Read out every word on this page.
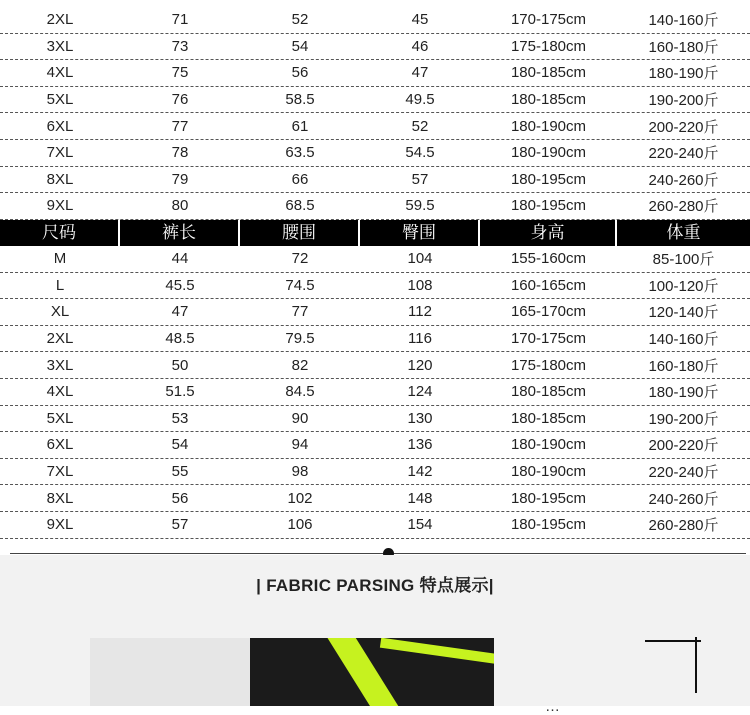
2XL	71	52	45	170-175cm	140-160斤
3XL	73	54	46	175-180cm	160-180斤
4XL	75	56	47	180-185cm	180-190斤
5XL	76	58.5	49.5	180-185cm	190-200斤
6XL	77	61	52	180-190cm	200-220斤
7XL	78	63.5	54.5	180-190cm	220-240斤
8XL	79	66	57	180-195cm	240-260斤
9XL	80	68.5	59.5	180-195cm	260-280斤
尺码	裤长	腰围	臀围	身高	体重
M	44	72	104	155-160cm	85-100斤
L	45.5	74.5	108	160-165cm	100-120斤
XL	47	77	112	165-170cm	120-140斤
2XL	48.5	79.5	116	170-175cm	140-160斤
3XL	50	82	120	175-180cm	160-180斤
4XL	51.5	84.5	124	180-185cm	180-190斤
5XL	53	90	130	180-185cm	190-200斤
6XL	54	94	136	180-190cm	200-220斤
7XL	55	98	142	180-190cm	220-240斤
8XL	56	102	148	180-195cm	240-260斤
9XL	57	106	154	180-195cm	260-280斤
| FABRIC PARSING 特点展示|
…
